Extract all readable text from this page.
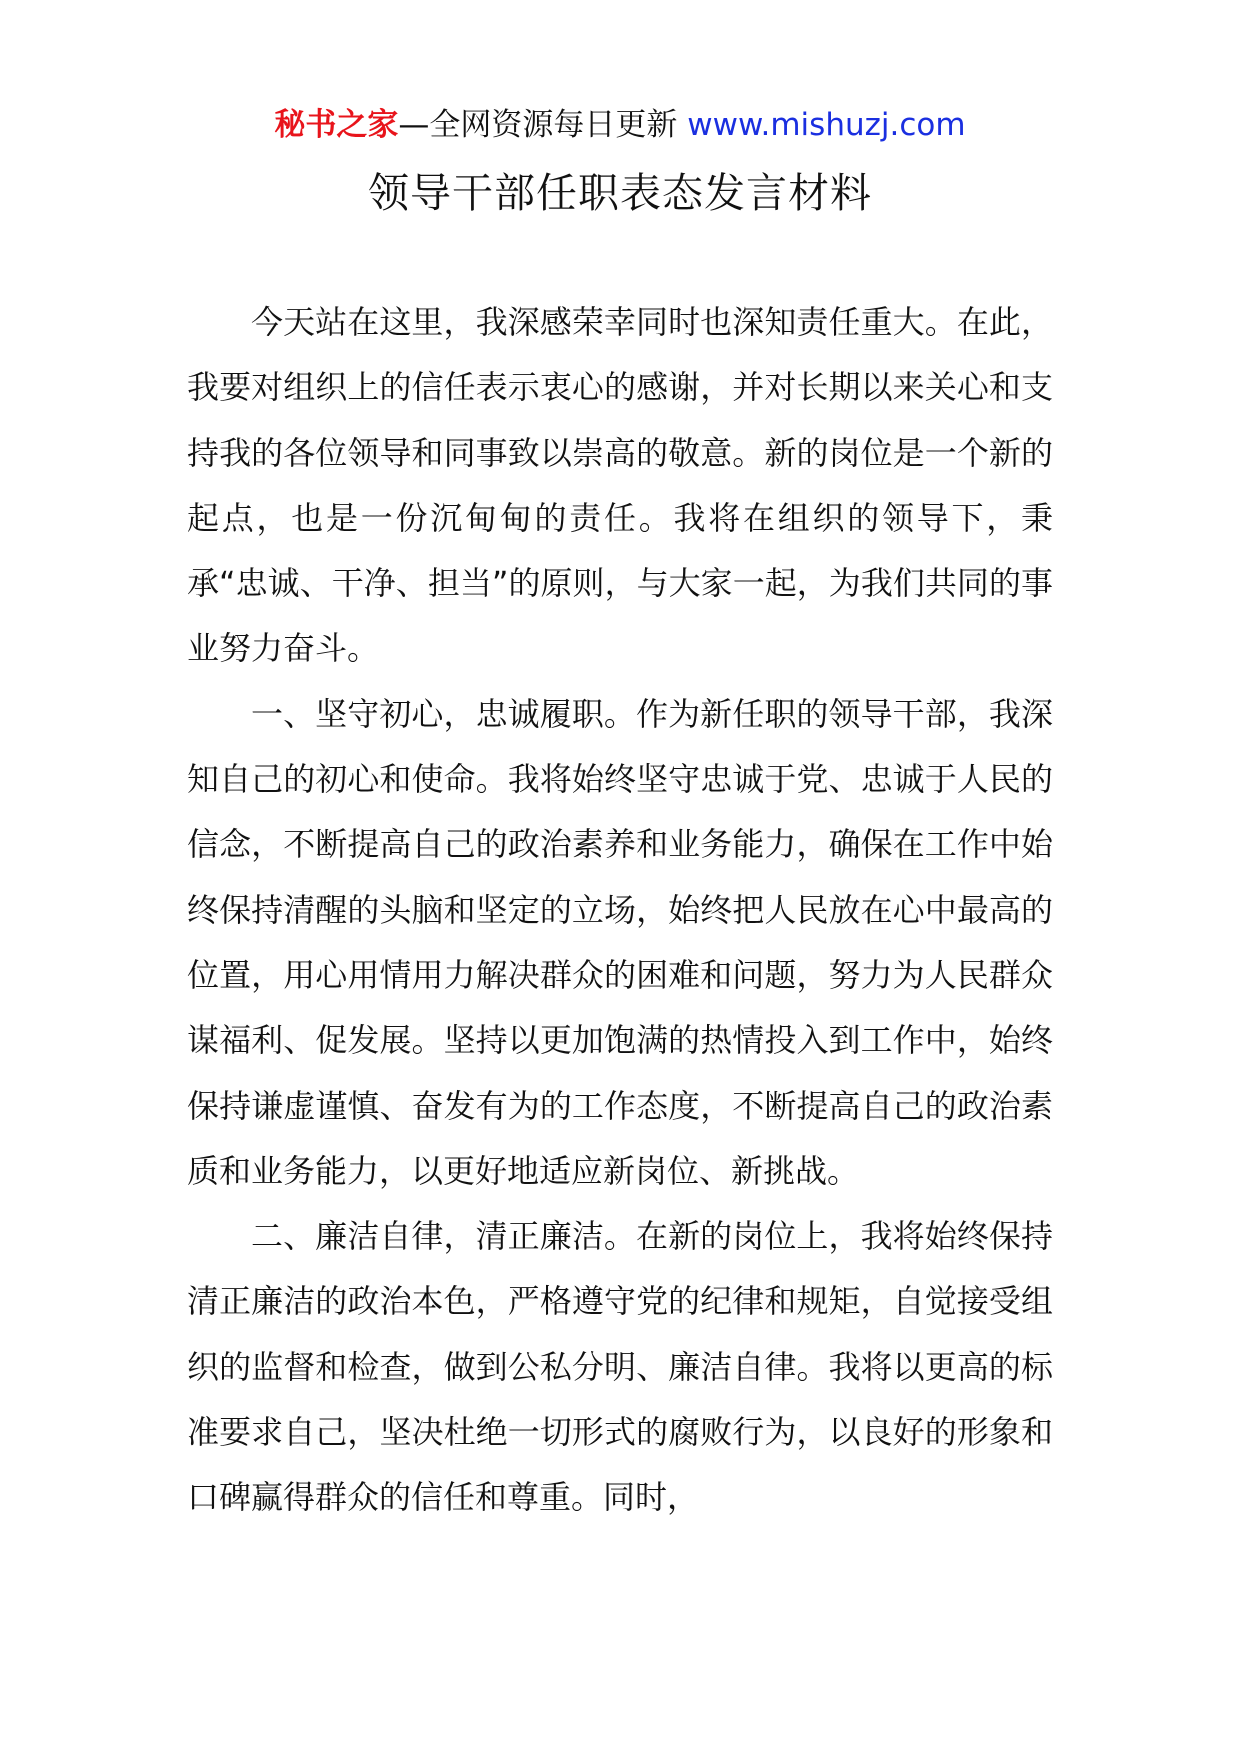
秘书之家—全网资源每日更新 www.mishuzj.com
领导干部任职表态发言材料

今天站在这里，我深感荣幸同时也深知责任重大。在此，我要对组织上的信任表示衷心的感谢，并对长期以来关心和支持我的各位领导和同事致以崇高的敬意。新的岗位是一个新的起点，也是一份沉甸甸的责任。我将在组织的领导下，秉承“忠诚、干净、担当”的原则，与大家一起，为我们共同的事业努力奋斗。

一、坚守初心，忠诚履职。作为新任职的领导干部，我深知自己的初心和使命。我将始终坚守忠诚于党、忠诚于人民的信念，不断提高自己的政治素养和业务能力，确保在工作中始终保持清醒的头脑和坚定的立场，始终把人民放在心中最高的位置，用心用情用力解决群众的困难和问题，努力为人民群众谋福利、促发展。坚持以更加饱满的热情投入到工作中，始终保持谦虚谨慎、奋发有为的工作态度，不断提高自己的政治素质和业务能力，以更好地适应新岗位、新挑战。

二、廉洁自律，清正廉洁。在新的岗位上，我将始终保持清正廉洁的政治本色，严格遵守党的纪律和规矩，自觉接受组织的监督和检查，做到公私分明、廉洁自律。我将以更高的标准要求自己，坚决杜绝一切形式的腐败行为，以良好的形象和口碑赢得群众的信任和尊重。同时，
